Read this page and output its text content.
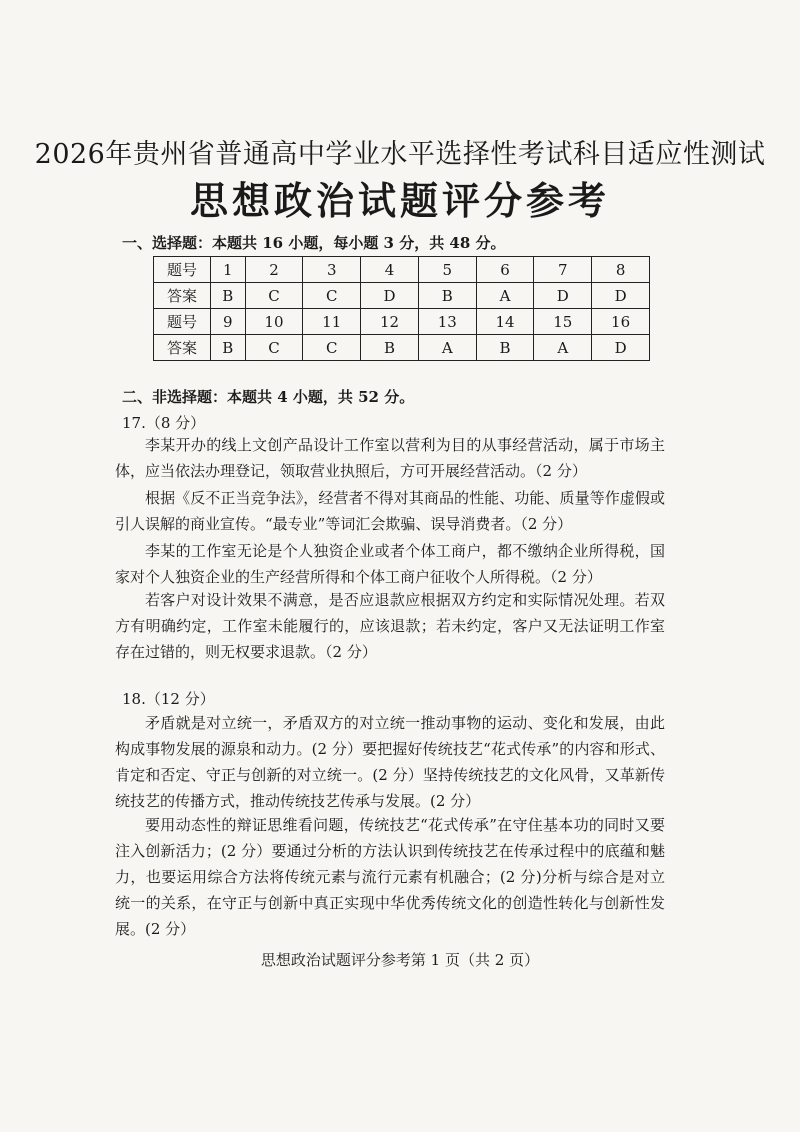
2026年贵州省普通高中学业水平选择性考试科目适应性测试
思想政治试题评分参考
一、选择题：本题共 16 小题，每小题 3 分，共 48 分。
题号	1	2	3	4	5	6	7	8
答案	B	C	C	D	B	A	D	D
题号	9	10	11	12	13	14	15	16
答案	B	C	C	B	A	B	A	D
二、非选择题：本题共 4 小题，共 52 分。
17.（8 分）

李某开办的线上文创产品设计工作室以营利为目的从事经营活动，属于市场主体，应当依法办理登记，领取营业执照后，方可开展经营活动。（2 分）

根据《反不正当竞争法》，经营者不得对其商品的性能、功能、质量等作虚假或引人误解的商业宣传。“最专业”等词汇会欺骗、误导消费者。（2 分）

李某的工作室无论是个人独资企业或者个体工商户，都不缴纳企业所得税，国家对个人独资企业的生产经营所得和个体工商户征收个人所得税。（2 分）

若客户对设计效果不满意，是否应退款应根据双方约定和实际情况处理。若双方有明确约定，工作室未能履行的，应该退款；若未约定，客户又无法证明工作室存在过错的，则无权要求退款。（2 分）

18.（12 分）

矛盾就是对立统一，矛盾双方的对立统一推动事物的运动、变化和发展，由此构成事物发展的源泉和动力。(2 分）要把握好传统技艺“花式传承”的内容和形式、肯定和否定、守正与创新的对立统一。(2 分）坚持传统技艺的文化风骨，又革新传统技艺的传播方式，推动传统技艺传承与发展。(2 分）

要用动态性的辩证思维看问题，传统技艺“花式传承”在守住基本功的同时又要注入创新活力；(2 分）要通过分析的方法认识到传统技艺在传承过程中的底蕴和魅力，也要运用综合方法将传统元素与流行元素有机融合；(2 分)分析与综合是对立统一的关系，在守正与创新中真正实现中华优秀传统文化的创造性转化与创新性发展。(2 分）

思想政治试题评分参考第 1 页（共 2 页）
